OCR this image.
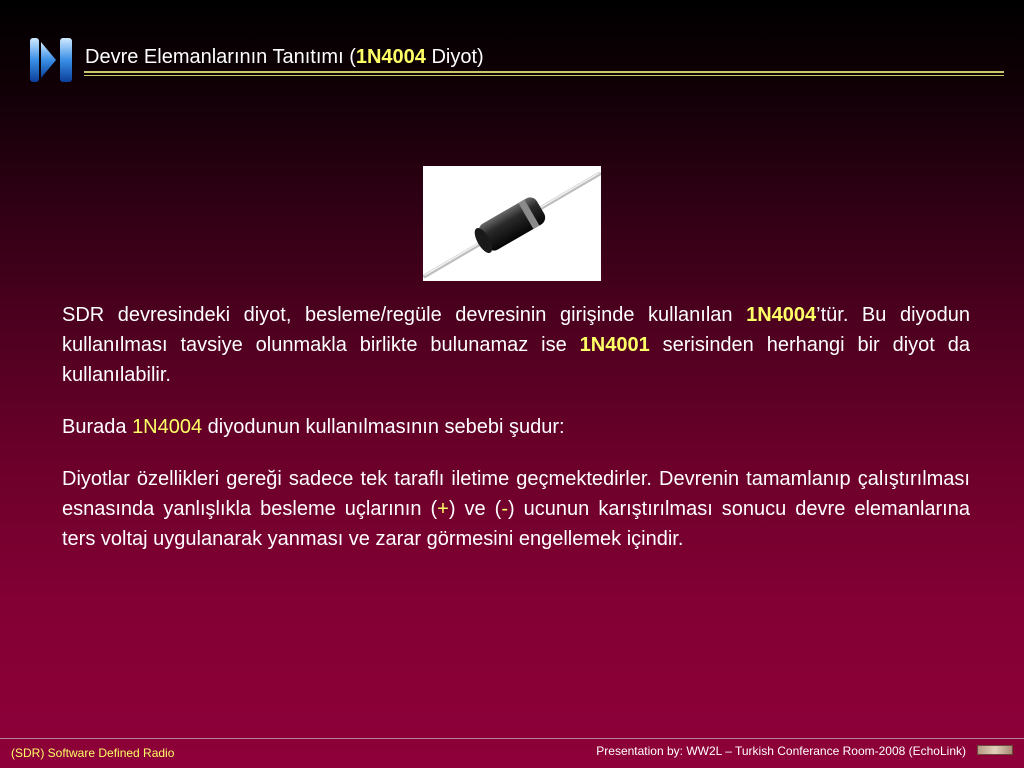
Devre Elemanlarının Tanıtımı (1N4004 Diyot)

SDR devresindeki diyot, besleme/regüle devresinin girişinde kullanılan 1N4004’tür. Bu diyodun kullanılması tavsiye olunmakla birlikte bulunamaz ise 1N4001 serisinden herhangi bir diyot da kullanılabilir.

Burada 1N4004 diyodunun kullanılmasının sebebi şudur:

Diyotlar özellikleri gereği sadece tek taraflı iletime geçmektedirler. Devrenin tamamlanıp çalıştırılması esnasında yanlışlıkla besleme uçlarının (+) ve (-) ucunun karıştırılması sonucu devre elemanlarına ters voltaj uygulanarak yanması ve zarar görmesini engellemek içindir.

(SDR) Software Defined Radio	Presentation by: WW2L – Turkish Conferance Room-2008 (EchoLink)
